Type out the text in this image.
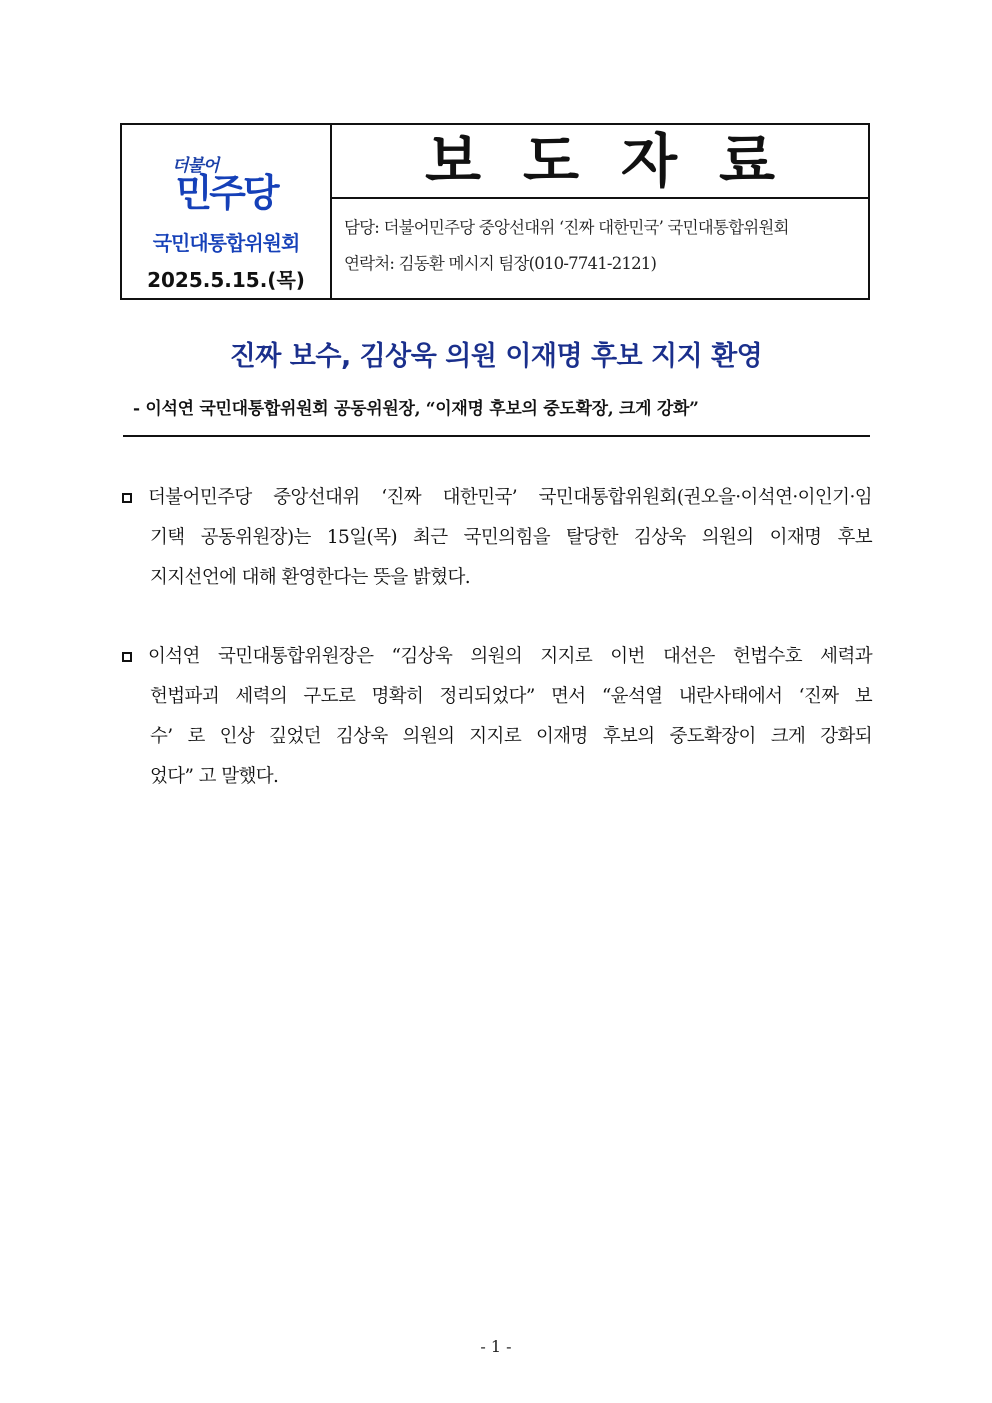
더불어
민주당
국민대통합위원회
2025.5.15.(목)
보도자료
담당: 더불어민주당 중앙선대위 ‘진짜 대한민국’ 국민대통합위원회
연락처: 김동환 메시지 팀장(010-7741-2121)
진짜 보수, 김상욱 의원 이재명 후보 지지 환영
- 이석연 국민대통합위원회 공동위원장, “이재명 후보의 중도확장, 크게 강화”
더불어민주당 중앙선대위 ‘진짜 대한민국’ 국민대통합위원회(권오을·이석연·이인기·임
기택 공동위원장)는 15일(목) 최근 국민의힘을 탈당한 김상욱 의원의 이재명 후보
지지선언에 대해 환영한다는 뜻을 밝혔다.
이석연 국민대통합위원장은 “김상욱 의원의 지지로 이번 대선은 헌법수호 세력과
헌법파괴 세력의 구도로 명확히 정리되었다” 면서 “윤석열 내란사태에서 ‘진짜 보
수’ 로 인상 깊었던 김상욱 의원의 지지로 이재명 후보의 중도확장이 크게 강화되
었다” 고 말했다.
- 1 -
